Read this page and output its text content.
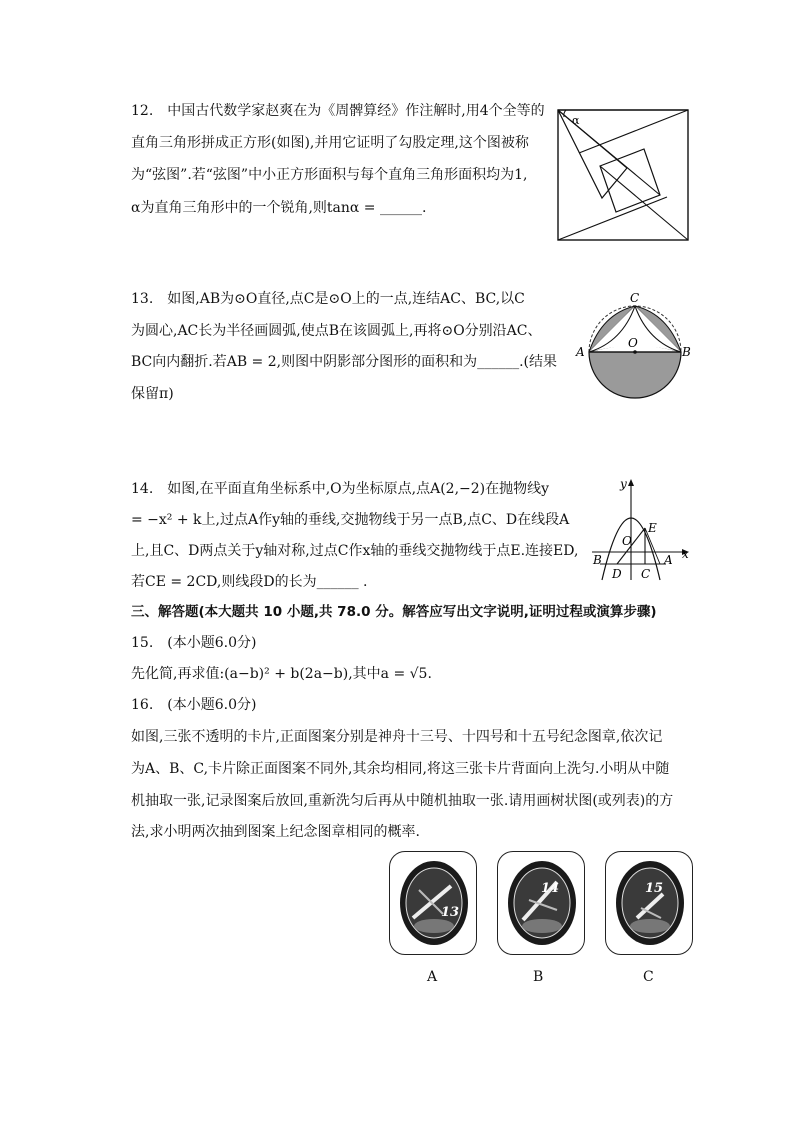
12.　中国古代数学家赵爽在为《周髀算经》作注解时,用4个全等的
直角三角形拼成正方形(如图),并用它证明了勾股定理,这个图被称
为“弦图”.若“弦图”中小正方形面积与每个直角三角形面积均为1,
α为直角三角形中的一个锐角,则tanα = ______.
α
13.　如图,AB为⊙O直径,点C是⊙O上的一点,连结AC、BC,以C
为圆心,AC长为半径画圆弧,使点B在该圆弧上,再将⊙O分别沿AC、
BC向内翻折.若AB = 2,则图中阴影部分图形的面积和为______.(结果
保留π)
A	B
C
O
14.　如图,在平面直角坐标系中,O为坐标原点,点A(2,−2)在抛物线y
= −x² + k上,过点A作y轴的垂线,交抛物线于另一点B,点C、D在线段A
上,且C、D两点关于y轴对称,过点C作x轴的垂线交抛物线于点E.连接ED,
若CE = 2CD,则线段D的长为______ .
y
x
O
E
B	A
D C
三、解答题(本大题共 10 小题,共 78.0 分。解答应写出文字说明,证明过程或演算步骤)
15.　(本小题6.0分)
先化简,再求值:(a−b)² + b(2a−b),其中a = √5.
16.　(本小题6.0分)
如图,三张不透明的卡片,正面图案分别是神舟十三号、十四号和十五号纪念图章,依次记
为A、B、C,卡片除正面图案不同外,其余均相同,将这三张卡片背面向上洗匀.小明从中随
机抽取一张,记录图案后放回,重新洗匀后再从中随机抽取一张.请用画树状图(或列表)的方
法,求小明两次抽到图案上纪念图章相同的概率.
13
14	15
A	B	C
